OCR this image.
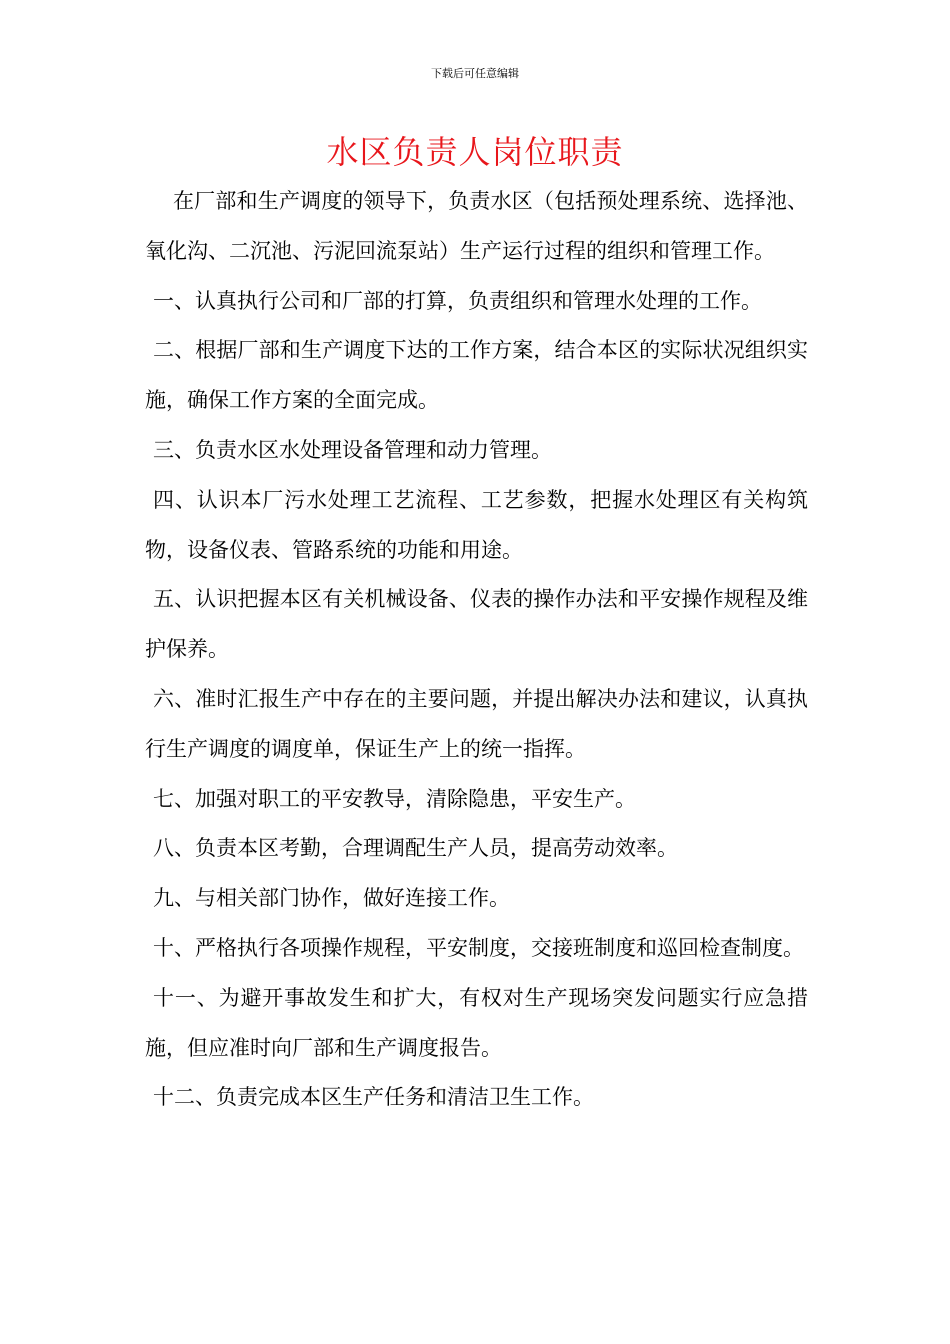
下载后可任意编辑
水区负责人岗位职责

在厂部和生产调度的领导下，负责水区（包括预处理系统、选择池、氧化沟、二沉池、污泥回流泵站）生产运行过程的组织和管理工作。

一、认真执行公司和厂部的打算，负责组织和管理水处理的工作。

二、根据厂部和生产调度下达的工作方案，结合本区的实际状况组织实施，确保工作方案的全面完成。

三、负责水区水处理设备管理和动力管理。

四、认识本厂污水处理工艺流程、工艺参数，把握水处理区有关构筑物，设备仪表、管路系统的功能和用途。

五、认识把握本区有关机械设备、仪表的操作办法和平安操作规程及维护保养。

六、准时汇报生产中存在的主要问题，并提出解决办法和建议，认真执行生产调度的调度单，保证生产上的统一指挥。

七、加强对职工的平安教导，清除隐患，平安生产。

八、负责本区考勤，合理调配生产人员，提高劳动效率。

九、与相关部门协作，做好连接工作。

十、严格执行各项操作规程，平安制度，交接班制度和巡回检查制度。

十一、为避开事故发生和扩大，有权对生产现场突发问题实行应急措施，但应准时向厂部和生产调度报告。

十二、负责完成本区生产任务和清洁卫生工作。
